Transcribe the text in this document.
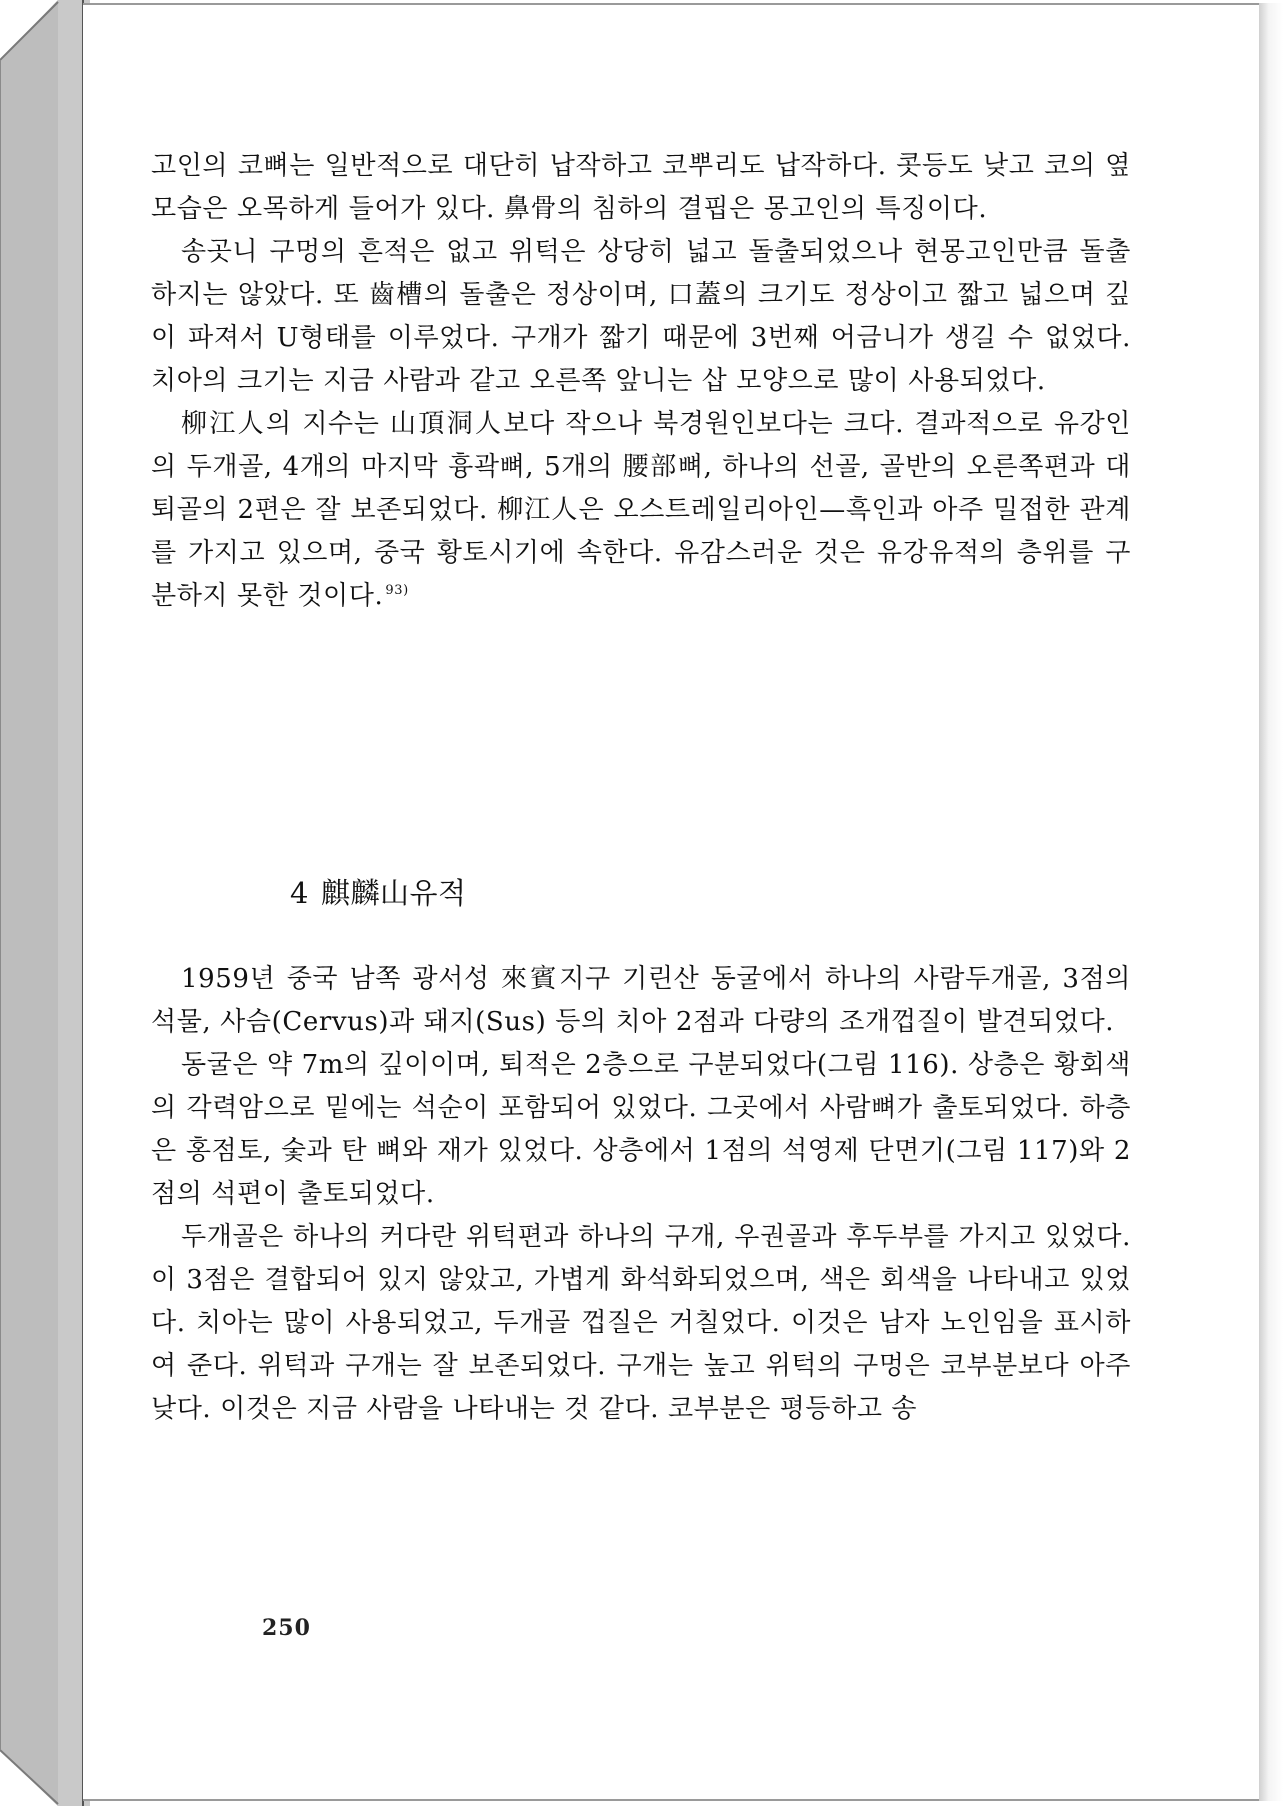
고인의 코뼈는 일반적으로 대단히 납작하고 코뿌리도 납작하다. 콧등도 낮고 코의 옆모습은 오목하게 들어가 있다. 鼻骨의 침하의 결핍은 몽고인의 특징이다.

송곳니 구멍의 흔적은 없고 위턱은 상당히 넓고 돌출되었으나 현몽고인만큼 돌출하지는 않았다. 또 齒槽의 돌출은 정상이며, 口蓋의 크기도 정상이고 짧고 넓으며 깊이 파져서 U형태를 이루었다. 구개가 짧기 때문에 3번째 어금니가 생길 수 없었다. 치아의 크기는 지금 사람과 같고 오른쪽 앞니는 삽 모양으로 많이 사용되었다.

柳江人의 지수는 山頂洞人보다 작으나 북경원인보다는 크다. 결과적으로 유강인의 두개골, 4개의 마지막 흉곽뼈, 5개의 腰部뼈, 하나의 선골, 골반의 오른쪽편과 대퇴골의 2편은 잘 보존되었다. 柳江人은 오스트레일리아인—흑인과 아주 밀접한 관계를 가지고 있으며, 중국 황토시기에 속한다. 유감스러운 것은 유강유적의 층위를 구분하지 못한 것이다. $^{93)}$

4 麒麟山유적

1959년 중국 남쪽 광서성 來賓지구 기린산 동굴에서 하나의 사람두개골, 3점의 석물, 사슴(Cervus)과 돼지(Sus) 등의 치아 2점과 다량의 조개껍질이 발견되었다.

동굴은 약 7m의 깊이이며, 퇴적은 2층으로 구분되었다(그림 116). 상층은 황회색의 각력암으로 밑에는 석순이 포함되어 있었다. 그곳에서 사람뼈가 출토되었다. 하층은 홍점토, 숯과 탄 뼈와 재가 있었다. 상층에서 1점의 석영제 단면기(그림 117)와 2점의 석편이 출토되었다.

두개골은 하나의 커다란 위턱편과 하나의 구개, 우권골과 후두부를 가지고 있었다. 이 3점은 결합되어 있지 않았고, 가볍게 화석화되었으며, 색은 회색을 나타내고 있었다. 치아는 많이 사용되었고, 두개골 껍질은 거칠었다. 이것은 남자 노인임을 표시하여 준다. 위턱과 구개는 잘 보존되었다. 구개는 높고 위턱의 구멍은 코부분보다 아주 낮다. 이것은 지금 사람을 나타내는 것 같다. 코부분은 평등하고 송

250
